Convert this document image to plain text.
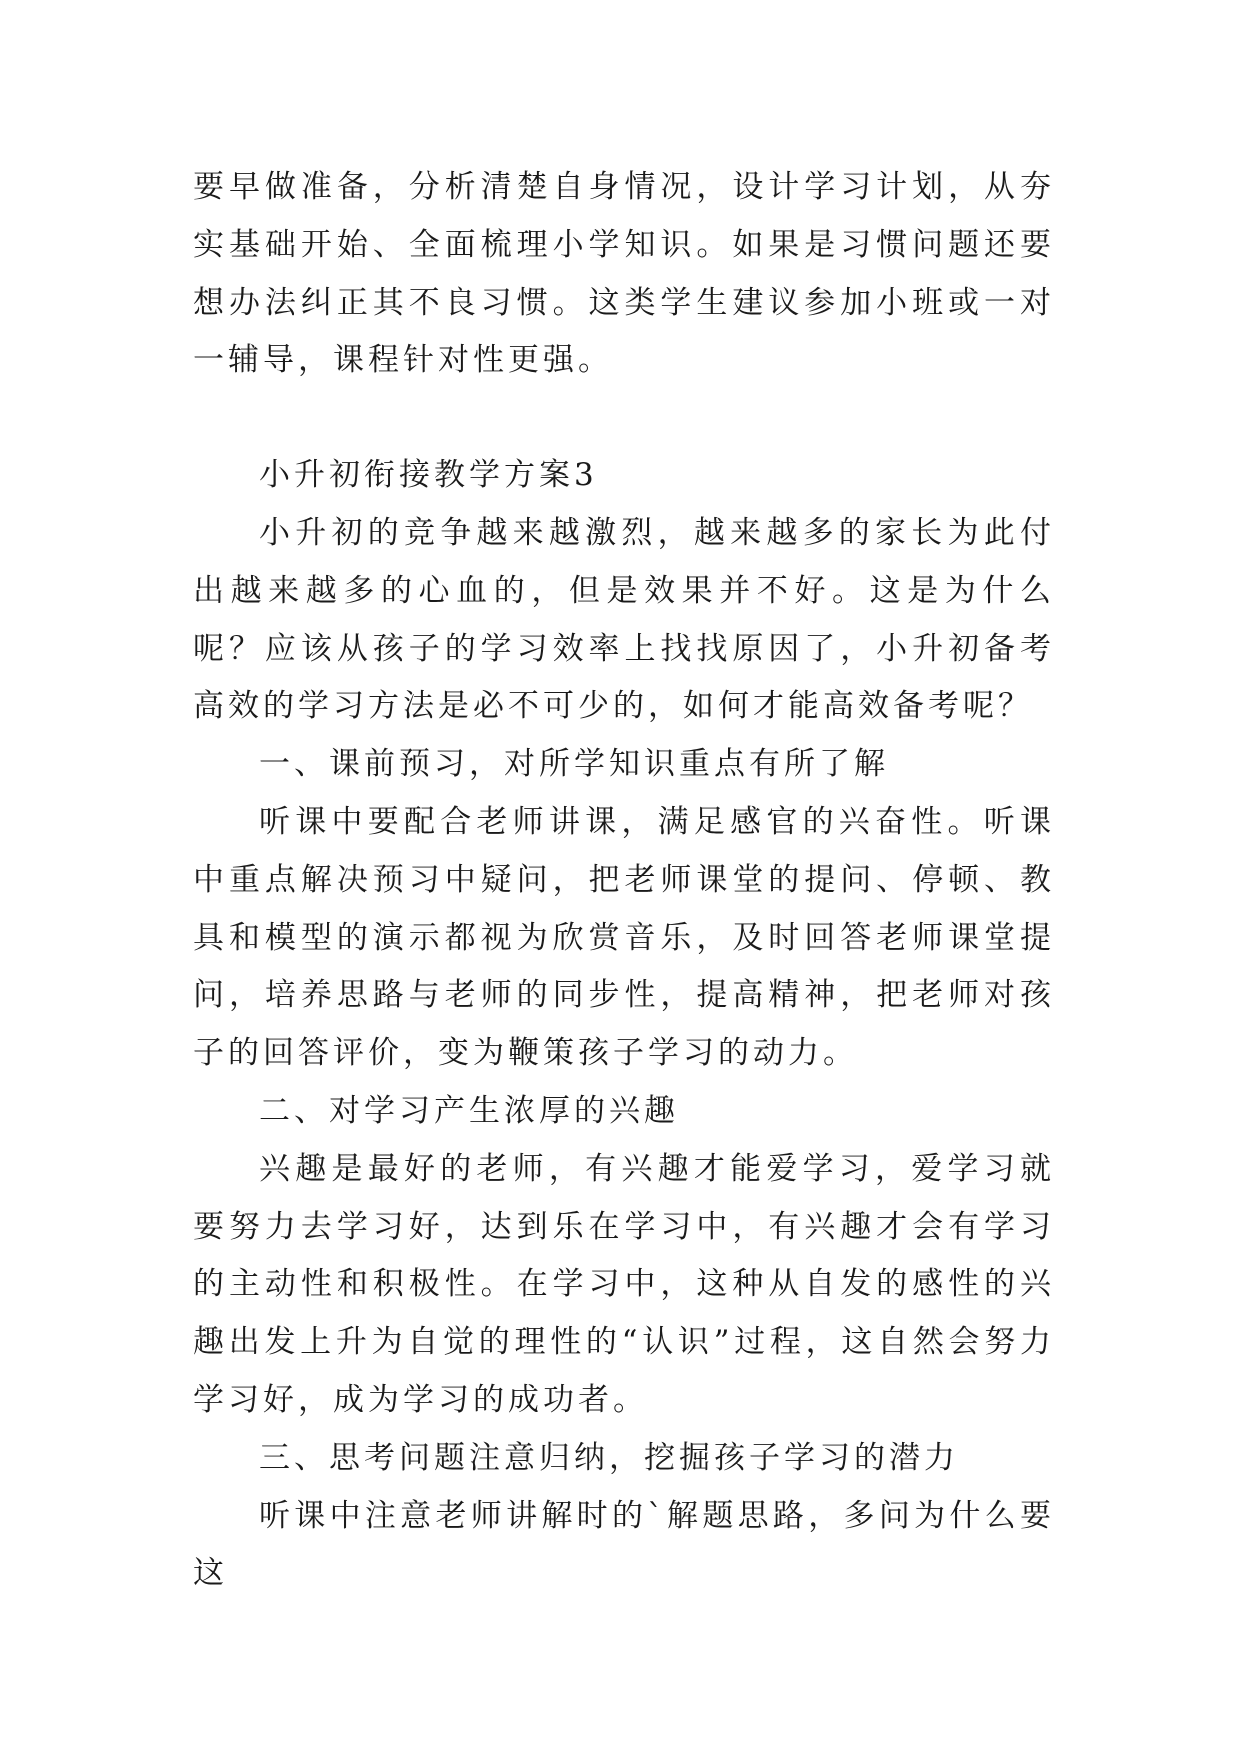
要早做准备，分析清楚自身情况，设计学习计划，从夯实基础开始、全面梳理小学知识。如果是习惯问题还要想办法纠正其不良习惯。这类学生建议参加小班或一对一辅导，课程针对性更强。

小升初衔接教学方案3

小升初的竞争越来越激烈，越来越多的家长为此付出越来越多的心血的，但是效果并不好。这是为什么呢？应该从孩子的学习效率上找找原因了，小升初备考高效的学习方法是必不可少的，如何才能高效备考呢？

一、课前预习，对所学知识重点有所了解

听课中要配合老师讲课，满足感官的兴奋性。听课中重点解决预习中疑问，把老师课堂的提问、停顿、教具和模型的演示都视为欣赏音乐，及时回答老师课堂提问，培养思路与老师的同步性，提高精神，把老师对孩子的回答评价，变为鞭策孩子学习的动力。

二、对学习产生浓厚的兴趣

兴趣是最好的老师，有兴趣才能爱学习，爱学习就要努力去学习好，达到乐在学习中，有兴趣才会有学习的主动性和积极性。在学习中，这种从自发的感性的兴趣出发上升为自觉的理性的“认识”过程，这自然会努力学习好，成为学习的成功者。

三、思考问题注意归纳，挖掘孩子学习的潜力

听课中注意老师讲解时的`解题思路，多问为什么要这
